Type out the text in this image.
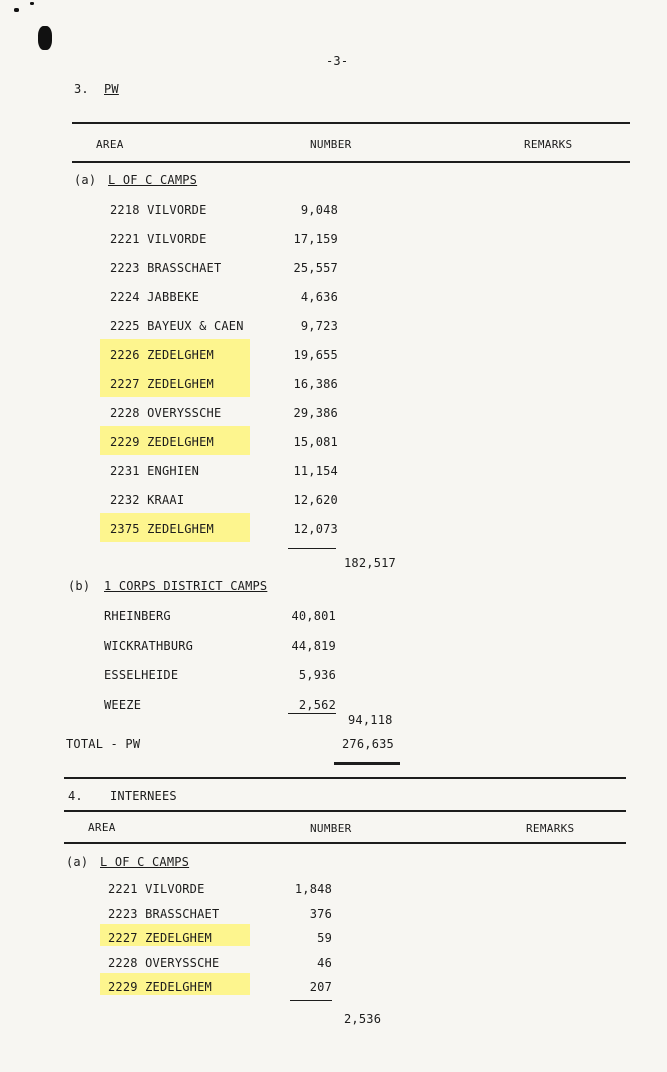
-3-
3. PW
AREA	NUMBER	REMARKS
(a) L OF C CAMPS
2218 VILVORDE	9,048
2221 VILVORDE	17,159
2223 BRASSCHAET	25,557
2224 JABBEKE	4,636
2225 BAYEUX & CAEN	9,723
2226 ZEDELGHEM	19,655
2227 ZEDELGHEM	16,386
2228 OVERYSSCHE	29,386
2229 ZEDELGHEM	15,081
2231 ENGHIEN	11,154
2232 KRAAI	12,620
2375 ZEDELGHEM	12,073
182,517
(b) 1 CORPS DISTRICT CAMPS
RHEINBERG	40,801
WICKRATHBURG	44,819
ESSELHEIDE	5,936
WEEZE	2,562
94,118
TOTAL - PW	276,635
4. INTERNEES
AREA	NUMBER	REMARKS
(a) L OF C CAMPS
2221 VILVORDE	1,848
2223 BRASSCHAET	376
2227 ZEDELGHEM	59
2228 OVERYSSCHE	46
2229 ZEDELGHEM	207
2,536
